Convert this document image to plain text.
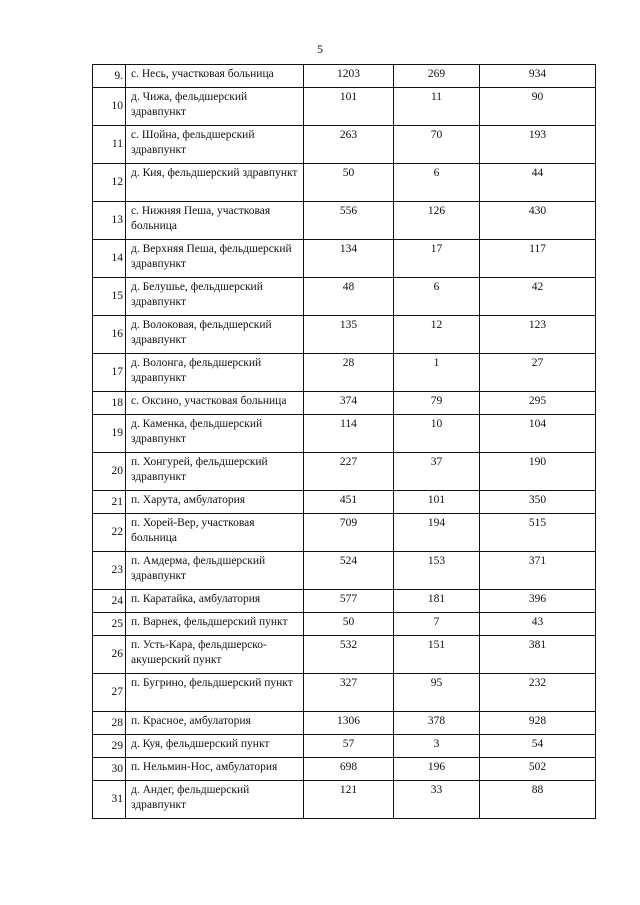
5
9.	с. Несь, участковая больница	1203	269	934
10	д. Чижа, фельдшерский здравпункт	101	11	90
11	с. Шойна, фельдшерский здравпункт	263	70	193
12	д. Кия, фельдшерский здравпункт	50	6	44
13	с. Нижняя Пеша, участковая больница	556	126	430
14	д. Верхняя Пеша, фельдшерский здравпункт	134	17	117
15	д. Белушье, фельдшерский здравпункт	48	6	42
16	д. Волоковая, фельдшерский здравпункт	135	12	123
17	д. Волонга, фельдшерский здравпункт	28	1	27
18	с. Оксино, участковая больница	374	79	295
19	д. Каменка, фельдшерский здравпункт	114	10	104
20	п. Хонгурей, фельдшерский здравпункт	227	37	190
21	п. Харута, амбулатория	451	101	350
22	п. Хорей-Вер, участковая больница	709	194	515
23	п. Амдерма, фельдшерский здравпункт	524	153	371
24	п. Каратайка, амбулатория	577	181	396
25	п. Варнек, фельдшерский пункт	50	7	43
26	п. Усть-Кара, фельдшерско-акушерский пункт	532	151	381
27	п. Бугрино, фельдшерский пункт	327	95	232
28	п. Красное, амбулатория	1306	378	928
29	д. Куя, фельдшерский пункт	57	3	54
30	п. Нельмин-Нос, амбулатория	698	196	502
31	д. Андег, фельдшерский здравпункт	121	33	88
